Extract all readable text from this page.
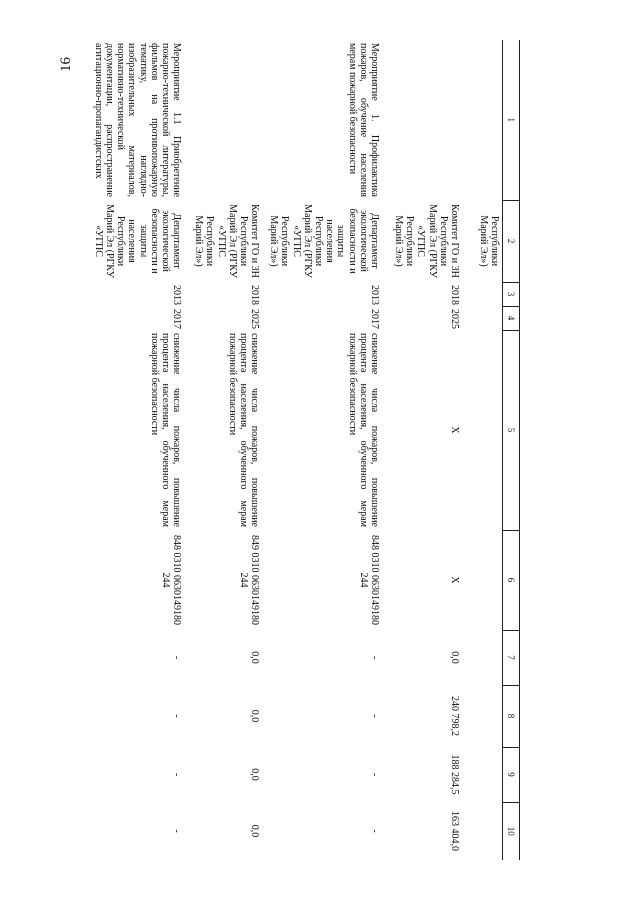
16
1	2	3	4	5	6	7	8	9	10
	Республики Марий Эл»)								
	Комитет ГО и ЗН Республики Марий Эл (РГКУ «УГПС Республики Марий Эл»)	2018	2025	Х	Х	0,0	240 798,2	188 284,5	163 404,0
Мероприятие 1. Профилактика пожаров, обучение населения мерам пожарной безопасности	Департамент экологической безопасности и защиты населения Республики Марий Эл (РГКУ «УГПС Республики Марий Эл»)	2013	2017	снижение числа пожаров, повышение процента населения, обученного мерам пожарной безопасности	848 0310 0630149180 244	-	-	-	-
	Комитет ГО и ЗН Республики Марий Эл (РГКУ «УГПС Республики Марий Эл»)	2018	2025	снижение числа пожаров, повышение процента населения, обученного мерам пожарной безопасности	849 0310 0630149180 244	0,0	0,0	0,0	0,0
Мероприятие 1.1 Приобретение пожарно-технической литературы, фильмов на противопожарную тематику, наглядно-изобразительных материалов, нормативно-технической документации, распространение агитационно-пропагандистских	Департамент экологической безопасности и защиты населения Республики Марий Эл (РГКУ «УГПС	2013	2017	снижение числа пожаров, повышение процента населения, обученного мерам пожарной безопасности	848 0310 0630149180 244	-	-	-	-
